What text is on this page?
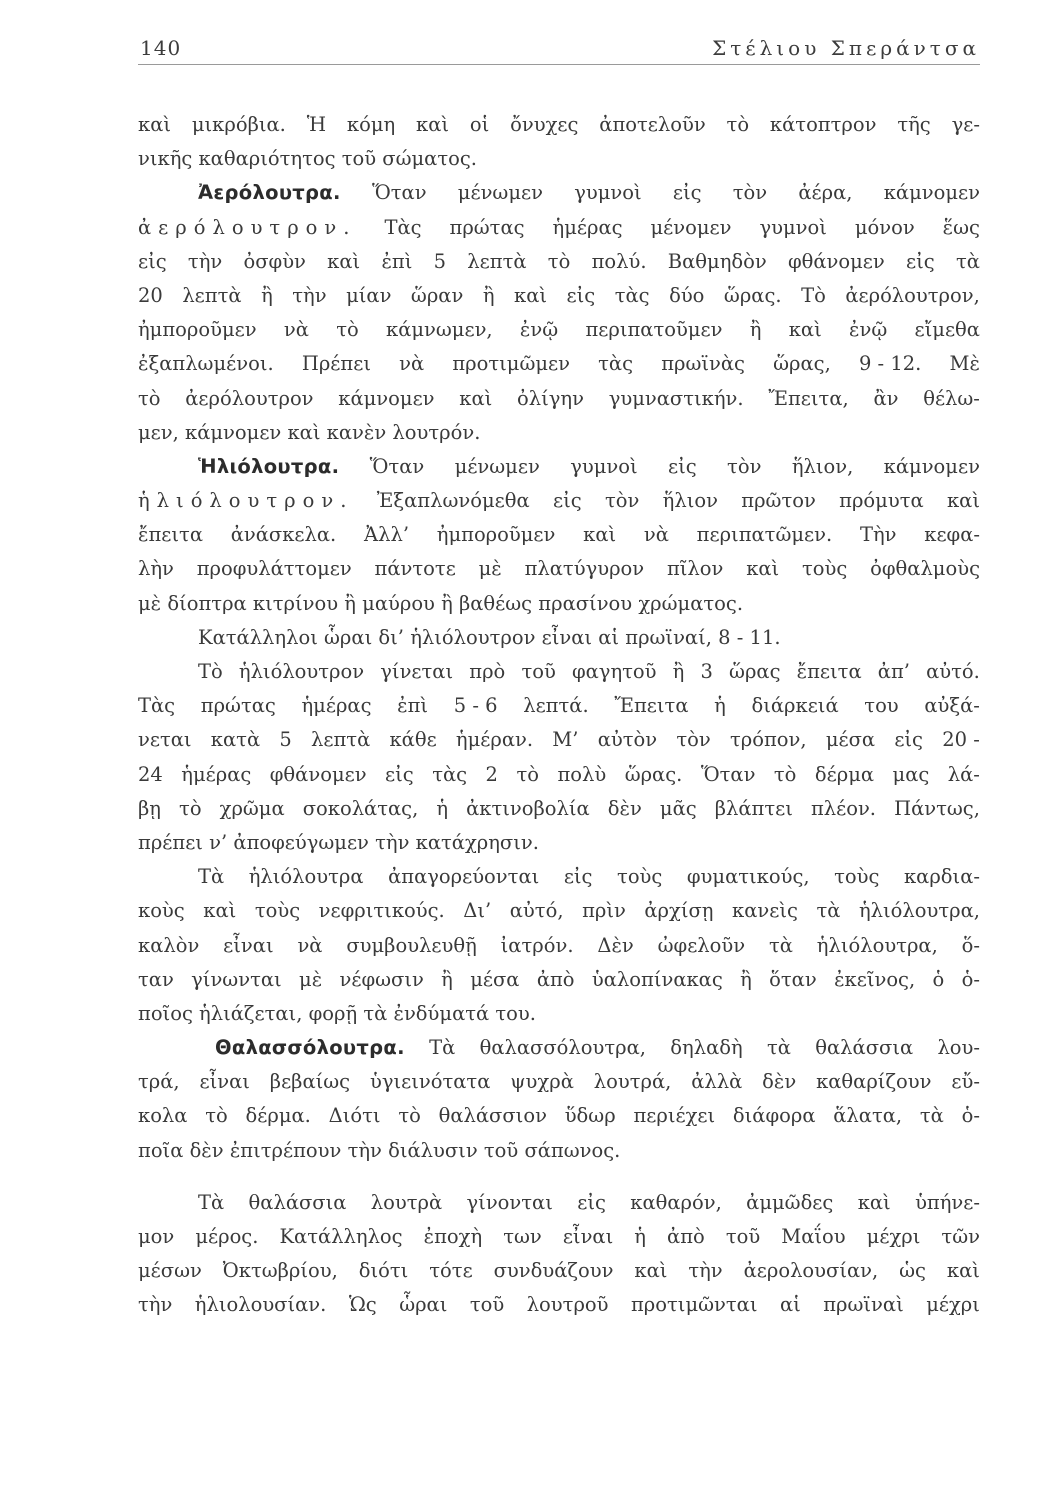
140	Στέλιου Σπεράντσα
καὶ μικρόβια. Ἡ κόμη καὶ οἱ ὄνυχες ἀποτελοῦν τὸ κάτοπτρον τῆς γε-
νικῆς καθαριότητος τοῦ σώματος.
Ἀερόλουτρα. Ὅταν μένωμεν γυμνοὶ εἰς τὸν ἀέρα, κάμνομεν
ἀερόλουτρον. Τὰς πρώτας ἡμέρας μένομεν γυμνοὶ μόνον ἕως
εἰς τὴν ὀσφὺν καὶ ἐπὶ 5 λεπτὰ τὸ πολύ. Βαθμηδὸν φθάνομεν εἰς τὰ
20 λεπτὰ ἢ τὴν μίαν ὥραν ἢ καὶ εἰς τὰς δύο ὥρας. Τὸ ἀερόλουτρον,
ἠμποροῦμεν νὰ τὸ κάμνωμεν, ἐνῷ περιπατοῦμεν ἢ καὶ ἐνῷ εἴμεθα
ἐξαπλωμένοι. Πρέπει νὰ προτιμῶμεν τὰς πρωϊνὰς ὥρας, 9 - 12. Μὲ
τὸ ἀερόλουτρον κάμνομεν καὶ ὀλίγην γυμναστικήν. Ἔπειτα, ἂν θέλω-
μεν, κάμνομεν καὶ κανὲν λουτρόν.
Ἡλιόλουτρα. Ὅταν μένωμεν γυμνοὶ εἰς τὸν ἥλιον, κάμνομεν
ἡλιόλουτρον. Ἐξαπλωνόμεθα εἰς τὸν ἥλιον πρῶτον πρόμυτα καὶ
ἔπειτα ἀνάσκελα. Ἀλλ’ ἠμποροῦμεν καὶ νὰ περιπατῶμεν. Τὴν κεφα-
λὴν προφυλάττομεν πάντοτε μὲ πλατύγυρον πῖλον καὶ τοὺς ὀφθαλμοὺς
μὲ δίοπτρα κιτρίνου ἢ μαύρου ἢ βαθέως πρασίνου χρώματος.
Κατάλληλοι ὧραι δι’ ἡλιόλουτρον εἶναι αἱ πρωϊναί, 8 - 11.
Τὸ ἡλιόλουτρον γίνεται πρὸ τοῦ φαγητοῦ ἢ 3 ὥρας ἔπειτα ἀπ’ αὐτό.
Τὰς πρώτας ἡμέρας ἐπὶ 5 - 6 λεπτά. Ἔπειτα ἡ διάρκειά του αὐξά-
νεται κατὰ 5 λεπτὰ κάθε ἡμέραν. Μ’ αὐτὸν τὸν τρόπον, μέσα εἰς 20 -
24 ἡμέρας φθάνομεν εἰς τὰς 2 τὸ πολὺ ὥρας. Ὅταν τὸ δέρμα μας λά-
βῃ τὸ χρῶμα σοκολάτας, ἡ ἀκτινοβολία δὲν μᾶς βλάπτει πλέον. Πάντως,
πρέπει ν’ ἀποφεύγωμεν τὴν κατάχρησιν.
Τὰ ἡλιόλουτρα ἀπαγορεύονται εἰς τοὺς φυματικούς, τοὺς καρδια-
κοὺς καὶ τοὺς νεφριτικούς. Δι’ αὐτό, πρὶν ἀρχίσῃ κανεὶς τὰ ἡλιόλουτρα,
καλὸν εἶναι νὰ συμβουλευθῇ ἰατρόν. Δὲν ὠφελοῦν τὰ ἡλιόλουτρα, ὅ-
ταν γίνωνται μὲ νέφωσιν ἢ μέσα ἀπὸ ὑαλοπίνακας ἢ ὅταν ἐκεῖνος, ὁ ὁ-
ποῖος ἡλιάζεται, φορῇ τὰ ἐνδύματά του.
Θαλασσόλουτρα. Τὰ θαλασσόλουτρα, δηλαδὴ τὰ θαλάσσια λου-
τρά, εἶναι βεβαίως ὑγιεινότατα ψυχρὰ λουτρά, ἀλλὰ δὲν καθαρίζουν εὔ-
κολα τὸ δέρμα. Διότι τὸ θαλάσσιον ὕδωρ περιέχει διάφορα ἅλατα, τὰ ὁ-
ποῖα δὲν ἐπιτρέπουν τὴν διάλυσιν τοῦ σάπωνος.
Τὰ θαλάσσια λουτρὰ γίνονται εἰς καθαρόν, ἀμμῶδες καὶ ὑπήνε-
μον μέρος. Κατάλληλος ἐποχὴ των εἶναι ἡ ἀπὸ τοῦ Μαΐου μέχρι τῶν
μέσων Ὀκτωβρίου, διότι τότε συνδυάζουν καὶ τὴν ἀερολουσίαν, ὡς καὶ
τὴν ἡλιολουσίαν. Ὡς ὧραι τοῦ λουτροῦ προτιμῶνται αἱ πρωϊναὶ μέχρι
